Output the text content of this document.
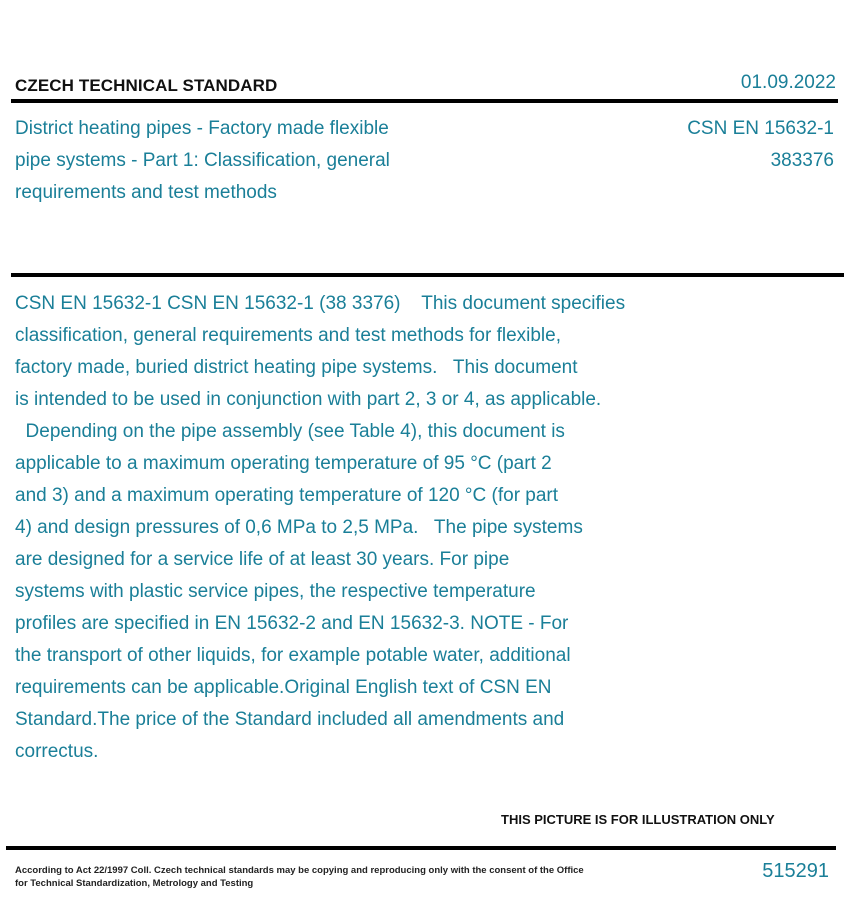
CZECH TECHNICAL STANDARD	01.09.2022
District heating pipes - Factory made flexible
pipe systems - Part 1: Classification, general
requirements and test methods
CSN EN 15632-1
383376
CSN EN 15632-1 CSN EN 15632-1 (38 3376)    This document specifies
classification, general requirements and test methods for flexible,
factory made, buried district heating pipe systems.   This document
is intended to be used in conjunction with part 2, 3 or 4, as applicable.
Depending on the pipe assembly (see Table 4), this document is
applicable to a maximum operating temperature of 95 °C (part 2
and 3) and a maximum operating temperature of 120 °C (for part
4) and design pressures of 0,6 MPa to 2,5 MPa.   The pipe systems
are designed for a service life of at least 30 years. For pipe
systems with plastic service pipes, the respective temperature
profiles are specified in EN 15632-2 and EN 15632-3. NOTE - For
the transport of other liquids, for example potable water, additional
requirements can be applicable.Original English text of CSN EN
Standard.The price of the Standard included all amendments and
correctus.
THIS PICTURE IS FOR ILLUSTRATION ONLY
According to Act 22/1997 Coll. Czech technical standards may be copying and reproducing only with the consent of the Office
for Technical Standardization, Metrology and Testing
515291
